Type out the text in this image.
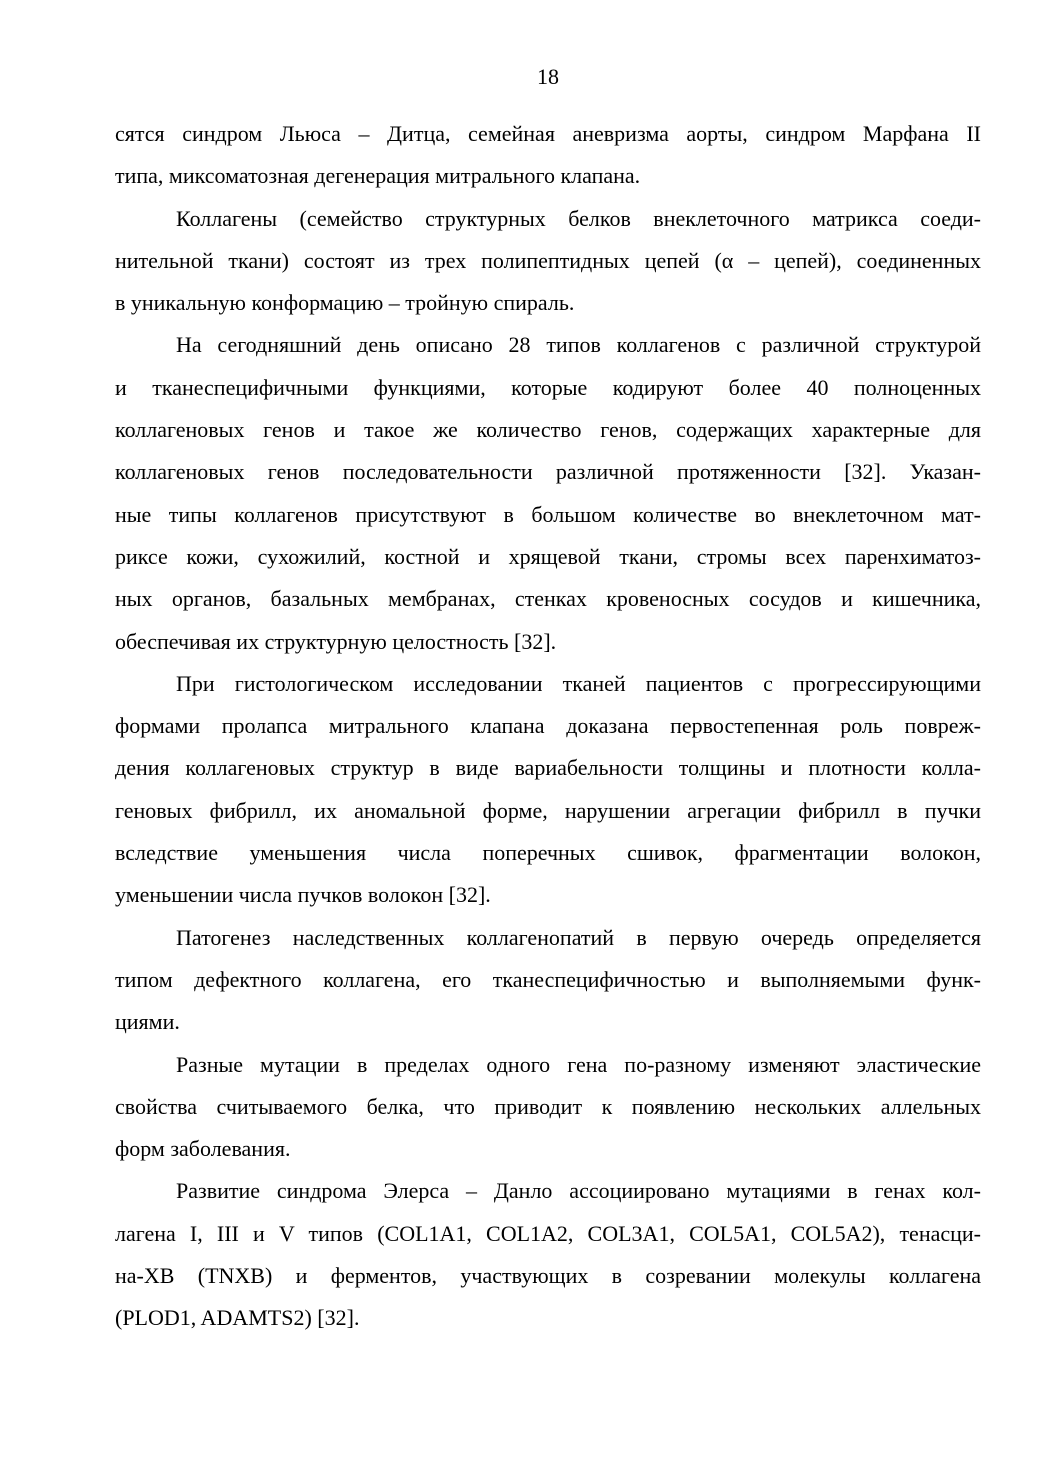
18

сятся синдром Льюса – Дитца, семейная аневризма аорты, синдром Марфана II
типа, миксоматозная дегенерация митрального клапана.

Коллагены (семейство структурных белков внеклеточного матрикса соеди-
нительной ткани) состоят из трех полипептидных цепей (α – цепей), соединенных
в уникальную конформацию – тройную спираль.

На сегодняшний день описано 28 типов коллагенов с различной структурой
и тканеспецифичными функциями, которые кодируют более 40 полноценных
коллагеновых генов и такое же количество генов, содержащих характерные для
коллагеновых генов последовательности различной протяженности [32]. Указан-
ные типы коллагенов присутствуют в большом количестве во внеклеточном мат-
риксе кожи, сухожилий, костной и хрящевой ткани, стромы всех паренхиматоз-
ных органов, базальных мембранах, стенках кровеносных сосудов и кишечника,
обеспечивая их структурную целостность [32].

При гистологическом исследовании тканей пациентов с прогрессирующими
формами пролапса митрального клапана доказана первостепенная роль повреж-
дения коллагеновых структур в виде вариабельности толщины и плотности колла-
геновых фибрилл, их аномальной форме, нарушении агрегации фибрилл в пучки
вследствие уменьшения числа поперечных сшивок, фрагментации волокон,
уменьшении числа пучков волокон [32].

Патогенез наследственных коллагенопатий в первую очередь определяется
типом дефектного коллагена, его тканеспецифичностью и выполняемыми функ-
циями.

Разные мутации в пределах одного гена по-разному изменяют эластические
свойства считываемого белка, что приводит к появлению нескольких аллельных
форм заболевания.

Развитие синдрома Элерса – Данло ассоциировано мутациями в генах кол-
лагена I, III и V типов (COL1A1, COL1A2, COL3A1, COL5A1, COL5A2), тенасци-
на-XB (TNXB) и ферментов, участвующих в созревании молекулы коллагена
(PLOD1, ADAMTS2) [32].
